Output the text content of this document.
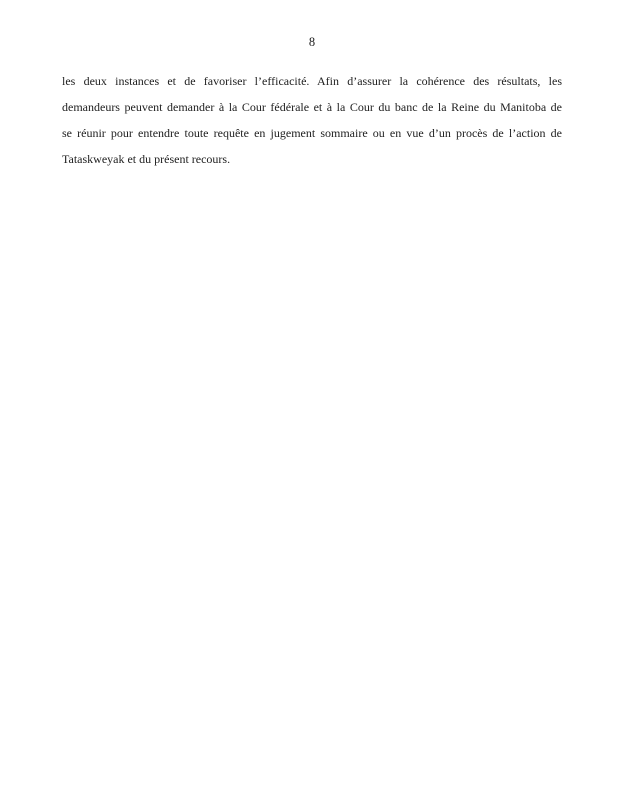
8
les deux instances et de favoriser l’efficacité. Afin d’assurer la cohérence des résultats, les
demandeurs peuvent demander à la Cour fédérale et à la Cour du banc de la Reine du Manitoba de
se réunir pour entendre toute requête en jugement sommaire ou en vue d’un procès de l’action de
Tataskweyak et du présent recours.
